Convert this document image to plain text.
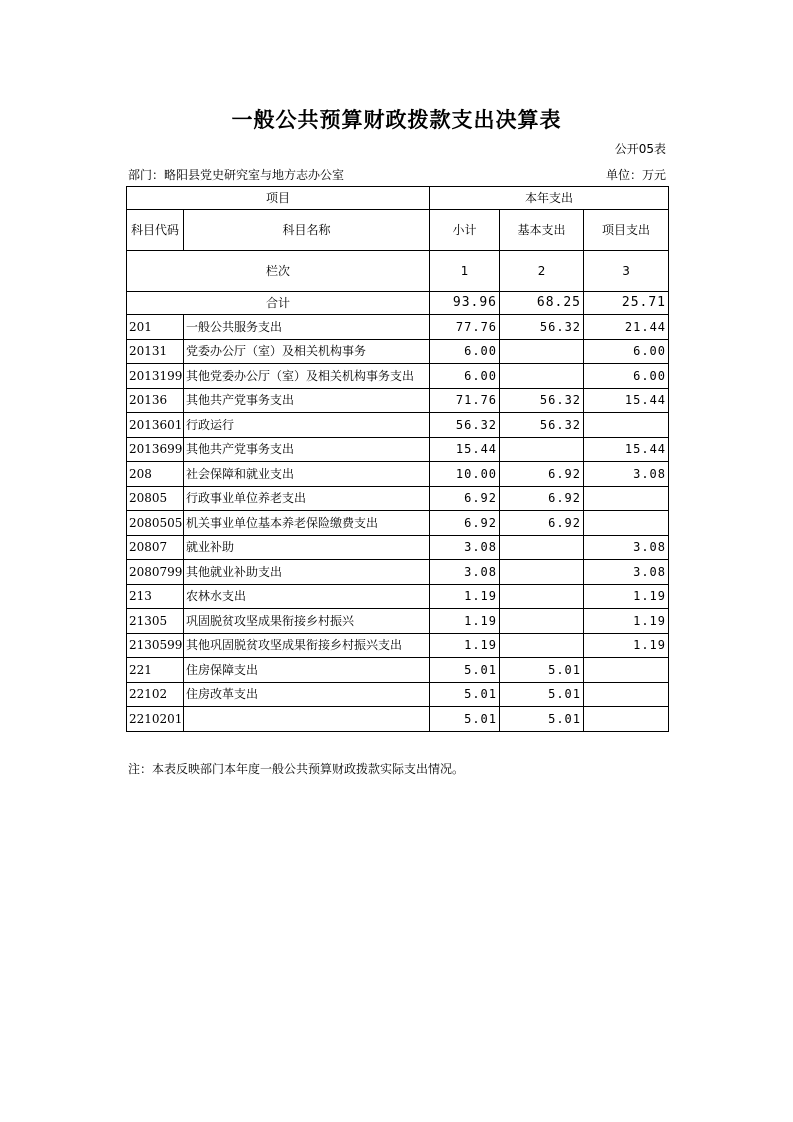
一般公共预算财政拨款支出决算表
公开05表
部门：略阳县党史研究室与地方志办公室	单位：万元
项目		本年支出		
科目代码	科目名称	小计	基本支出	项目支出
栏次		1	2	3
合计		93.96	68.25	25.71
201	一般公共服务支出	77.76	56.32	21.44
20131	党委办公厅（室）及相关机构事务	6.00		6.00
2013199	其他党委办公厅（室）及相关机构事务支出	6.00		6.00
20136	其他共产党事务支出	71.76	56.32	15.44
2013601	行政运行	56.32	56.32	
2013699	其他共产党事务支出	15.44		15.44
208	社会保障和就业支出	10.00	6.92	3.08
20805	行政事业单位养老支出	6.92	6.92	
2080505	机关事业单位基本养老保险缴费支出	6.92	6.92	
20807	就业补助	3.08		3.08
2080799	其他就业补助支出	3.08		3.08
213	农林水支出	1.19		1.19
21305	巩固脱贫攻坚成果衔接乡村振兴	1.19		1.19
2130599	其他巩固脱贫攻坚成果衔接乡村振兴支出	1.19		1.19
221	住房保障支出	5.01	5.01	
22102	住房改革支出	5.01	5.01	
2210201		5.01	5.01	
注：本表反映部门本年度一般公共预算财政拨款实际支出情况。
